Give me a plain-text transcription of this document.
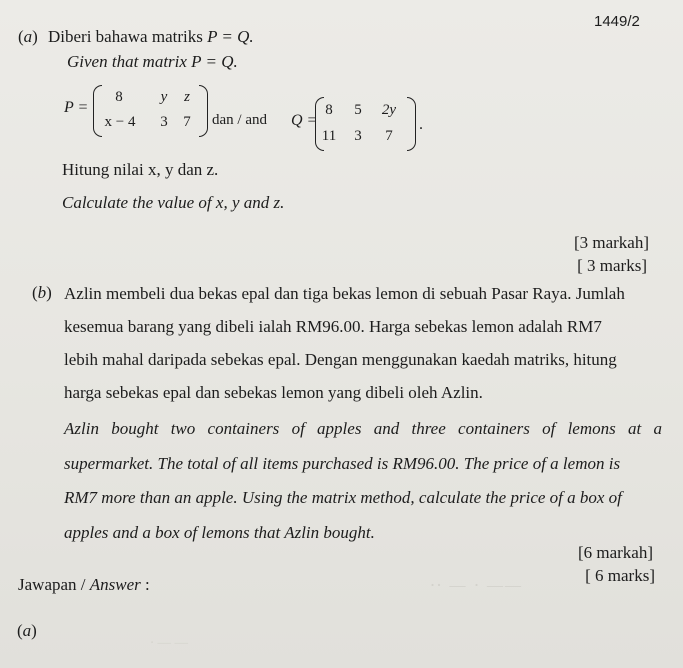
1449/2
(a) Diberi bahawa matriks P = Q.
Given that matrix P = Q.
P =
8	y	z
x − 4	3	7	dan / and Q =
8	5	2y
11	3	7
.
Hitung nilai x, y dan z.
Calculate the value of x, y and z.
[3 markah]
[ 3 marks]
(b) Azlin membeli dua bekas epal dan tiga bekas lemon di sebuah Pasar Raya. Jumlah
kesemua barang yang dibeli ialah RM96.00. Harga sebekas lemon adalah RM7
lebih mahal daripada sebekas epal. Dengan menggunakan kaedah matriks, hitung
harga sebekas epal dan sebekas lemon yang dibeli oleh Azlin.
Azlin bought two containers of apples and three containers of lemons at a
supermarket. The total of all items purchased is RM96.00. The price of a lemon is
RM7 more than an apple. Using the matrix method, calculate the price of a box of
apples and a box of lemons that Azlin bought.
[6 markah]
[ 6 marks]
Jawapan / Answer :
(a)
·· — · ——
· — —
